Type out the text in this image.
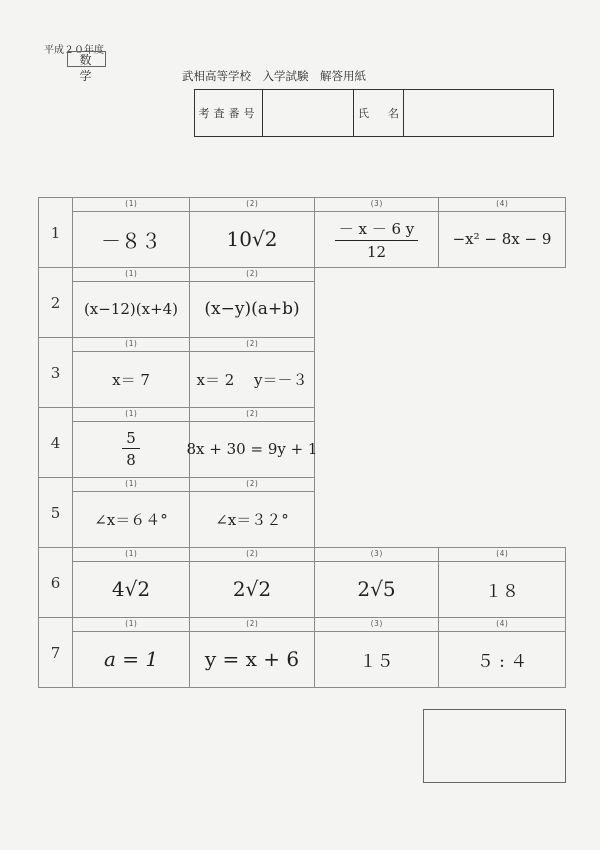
平成２０年度
数学	武相高等学校　入学試験　解答用紙
考査番号	氏 名
1
(1)
－８３
(2)
10√2
(3)
$\frac{- x - 6 y}{12}$
(4)
−x² − 8x − 9
2
(1)
(x−12)(x+4)
(2)
(x−y)(a+b)
3
(1)
x＝ 7
(2)
x＝ 2　 y＝－３
4
(1)
$\frac{5}{8}$
(2)
8x + 30 = 9y + 1
5
(1)
∠x＝６４°
(2)
∠x＝３２°
6
(1)
4√2
(2)
2√2
(3)
2√5
(4)
１８
7
(1)
a = 1
(2)
y = x + 6
(3)
１５
(4)
５ : ４
